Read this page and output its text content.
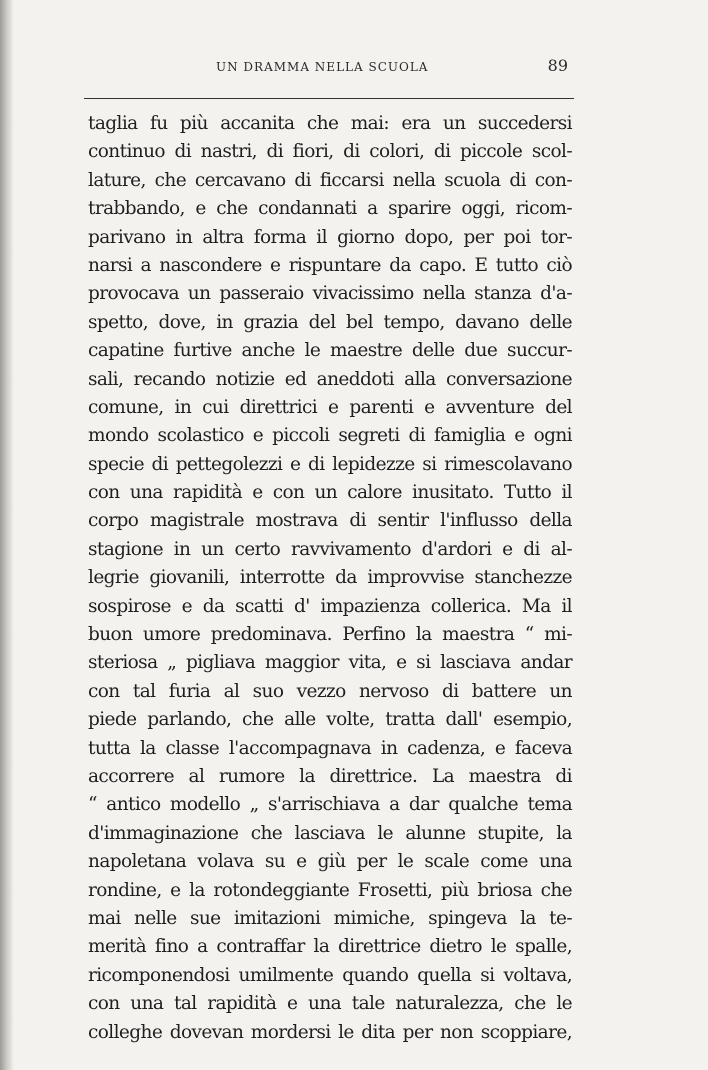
UN DRAMMA NELLA SCUOLA	89
taglia fu più accanita che mai: era un succedersi
continuo di nastri, di fiori, di colori, di piccole scol-
lature, che cercavano di ficcarsi nella scuola di con-
trabbando, e che condannati a sparire oggi, ricom-
parivano in altra forma il giorno dopo, per poi tor-
narsi a nascondere e rispuntare da capo. E tutto ciò
provocava un passeraio vivacissimo nella stanza d'a-
spetto, dove, in grazia del bel tempo, davano delle
capatine furtive anche le maestre delle due succur-
sali, recando notizie ed aneddoti alla conversazione
comune, in cui direttrici e parenti e avventure del
mondo scolastico e piccoli segreti di famiglia e ogni
specie di pettegolezzi e di lepidezze si rimescolavano
con una rapidità e con un calore inusitato. Tutto il
corpo magistrale mostrava di sentir l'influsso della
stagione in un certo ravvivamento d'ardori e di al-
legrie giovanili, interrotte da improvvise stanchezze
sospirose e da scatti d' impazienza collerica. Ma il
buon umore predominava. Perfino la maestra “ mi-
steriosa „ pigliava maggior vita, e si lasciava andar
con tal furia al suo vezzo nervoso di battere un
piede parlando, che alle volte, tratta dall' esempio,
tutta la classe l'accompagnava in cadenza, e faceva
accorrere al rumore la direttrice. La maestra di
“ antico modello „ s'arrischiava a dar qualche tema
d'immaginazione che lasciava le alunne stupite, la
napoletana volava su e giù per le scale come una
rondine, e la rotondeggiante Frosetti, più briosa che
mai nelle sue imitazioni mimiche, spingeva la te-
merità fino a contraffar la direttrice dietro le spalle,
ricomponendosi umilmente quando quella si voltava,
con una tal rapidità e una tale naturalezza, che le
colleghe dovevan mordersi le dita per non scoppiare,
